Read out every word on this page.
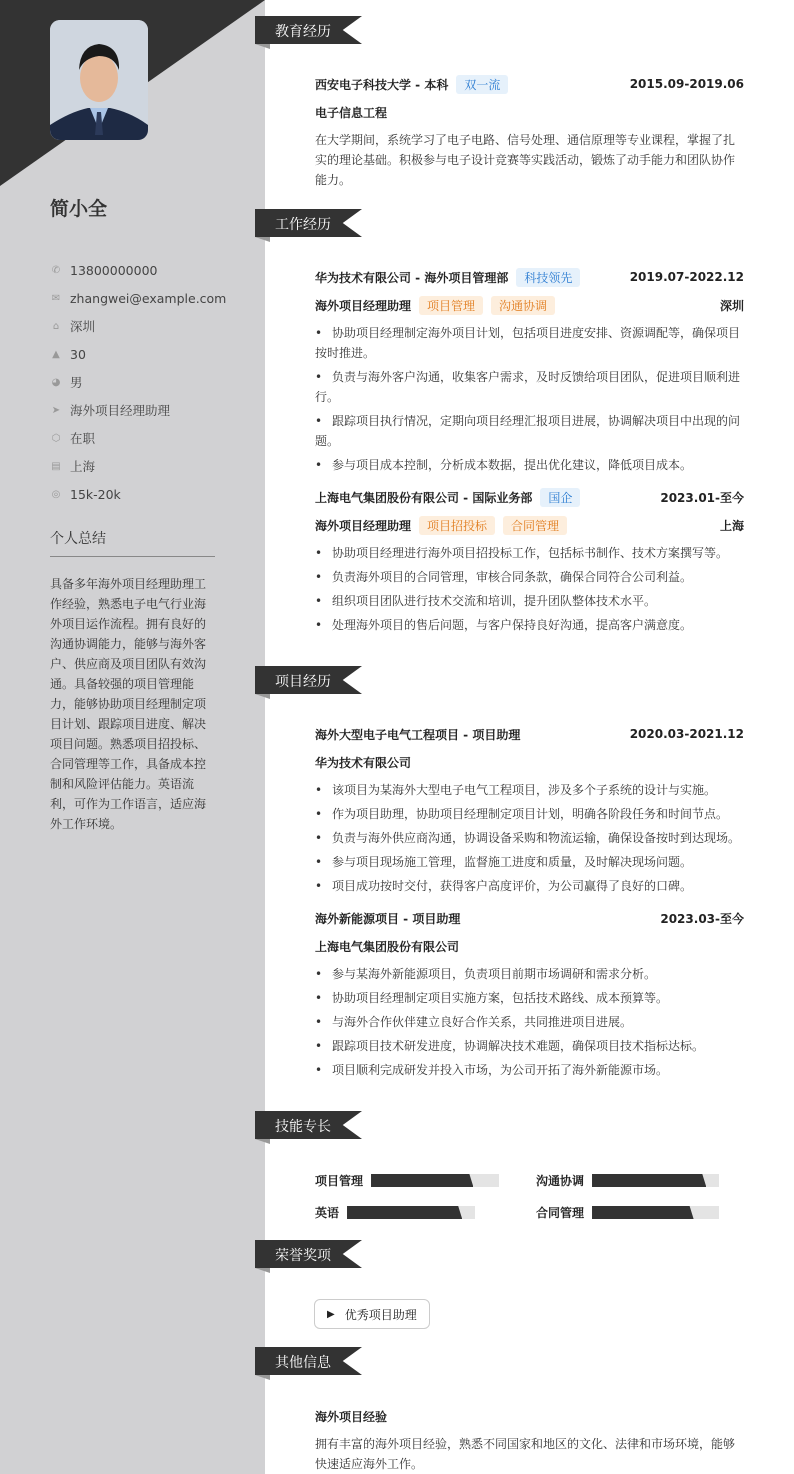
简小全
✆ 13800000000
✉ zhangwei@example.com
⌂ 深圳
▲ 30
◕ 男
➤ 海外项目经理助理
⬡ 在职
▤ 上海
◎ 15k-20k
个人总结
具备多年海外项目经理助理工作经验，熟悉电子电气行业海外项目运作流程。拥有良好的沟通协调能力，能够与海外客户、供应商及项目团队有效沟通。具备较强的项目管理能力，能够协助项目经理制定项目计划、跟踪项目进度、解决项目问题。熟悉项目招投标、合同管理等工作，具备成本控制和风险评估能力。英语流利，可作为工作语言，适应海外工作环境。
教育经历
西安电子科技大学 - 本科	双一流	2015.09-2019.06
电子信息工程
在大学期间，系统学习了电子电路、信号处理、通信原理等专业课程，掌握了扎实的理论基础。积极参与电子设计竞赛等实践活动，锻炼了动手能力和团队协作能力。
工作经历
华为技术有限公司 - 海外项目管理部	科技领先	2019.07-2022.12
海外项目经理助理	项目管理	沟通协调	深圳
• 协助项目经理制定海外项目计划，包括项目进度安排、资源调配等，确保项目按时推进。
• 负责与海外客户沟通，收集客户需求，及时反馈给项目团队，促进项目顺利进行。
• 跟踪项目执行情况，定期向项目经理汇报项目进展，协调解决项目中出现的问题。
• 参与项目成本控制，分析成本数据，提出优化建议，降低项目成本。
上海电气集团股份有限公司 - 国际业务部	国企	2023.01-至今
海外项目经理助理	项目招投标	合同管理	上海
• 协助项目经理进行海外项目招投标工作，包括标书制作、技术方案撰写等。
• 负责海外项目的合同管理，审核合同条款，确保合同符合公司利益。
• 组织项目团队进行技术交流和培训，提升团队整体技术水平。
• 处理海外项目的售后问题，与客户保持良好沟通，提高客户满意度。
项目经历
海外大型电子电气工程项目 - 项目助理	2020.03-2021.12
华为技术有限公司
• 该项目为某海外大型电子电气工程项目，涉及多个子系统的设计与实施。
• 作为项目助理，协助项目经理制定项目计划，明确各阶段任务和时间节点。
• 负责与海外供应商沟通，协调设备采购和物流运输，确保设备按时到达现场。
• 参与项目现场施工管理，监督施工进度和质量，及时解决现场问题。
• 项目成功按时交付，获得客户高度评价，为公司赢得了良好的口碑。
海外新能源项目 - 项目助理	2023.03-至今
上海电气集团股份有限公司
• 参与某海外新能源项目，负责项目前期市场调研和需求分析。
• 协助项目经理制定项目实施方案，包括技术路线、成本预算等。
• 与海外合作伙伴建立良好合作关系，共同推进项目进展。
• 跟踪项目技术研发进度，协调解决技术难题，确保项目技术指标达标。
• 项目顺利完成研发并投入市场，为公司开拓了海外新能源市场。
技能专长
项目管理	沟通协调
英语	合同管理
荣誉奖项
▶ 优秀项目助理
其他信息
海外项目经验
拥有丰富的海外项目经验，熟悉不同国家和地区的文化、法律和市场环境，能够快速适应海外工作。
